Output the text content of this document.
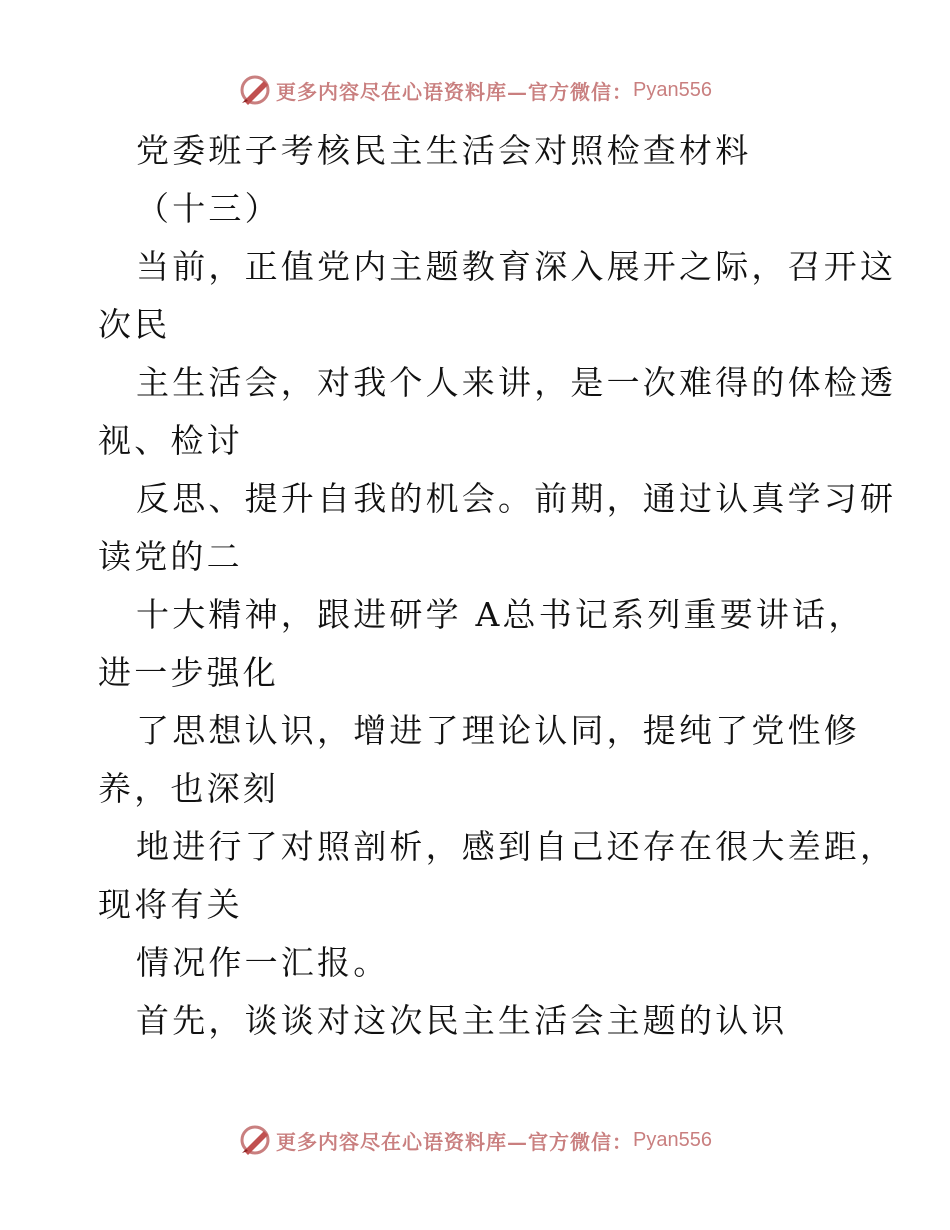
更多内容尽在心语资料库—官方微信： Pyan556
党委班子考核民主生活会对照检查材料
（十三）
当前，正值党内主题教育深入展开之际，召开这
次民
主生活会，对我个人来讲，是一次难得的体检透
视、检讨
反思、提升自我的机会。前期，通过认真学习研
读党的二
十大精神，跟进研学 A总书记系列重要讲话，
进一步强化
了思想认识，增进了理论认同，提纯了党性修
养，也深刻
地进行了对照剖析，感到自己还存在很大差距，
现将有关
情况作一汇报。
首先，谈谈对这次民主生活会主题的认识
更多内容尽在心语资料库—官方微信： Pyan556
